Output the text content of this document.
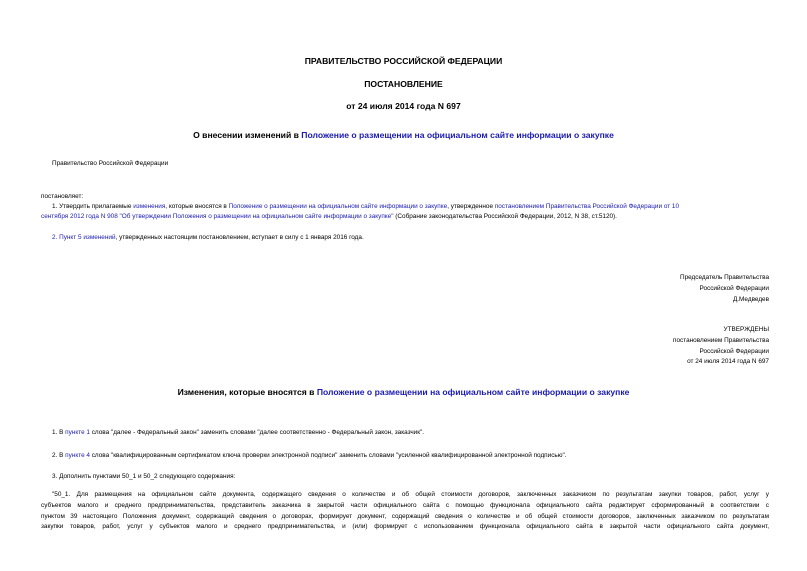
ПРАВИТЕЛЬСТВО РОССИЙСКОЙ ФЕДЕРАЦИИ
ПОСТАНОВЛЕНИЕ
от 24 июля 2014 года N 697
О внесении изменений в Положение о размещении на официальном сайте информации о закупке
Правительство Российской Федерации
постановляет:
1. Утвердить прилагаемые изменения, которые вносятся в Положение о размещении на официальном сайте информации о закупке, утвержденное постановлением Правительства Российской Федерации от 10
сентября 2012 года N 908 "Об утверждении Положения о размещении на официальном сайте информации о закупке" (Собрание законодательства Российской Федерации, 2012, N 38, ст.5120).
2. Пункт 5 изменений, утвержденных настоящим постановлением, вступает в силу с 1 января 2016 года.
Председатель Правительства
Российской Федерации
Д.Медведев
УТВЕРЖДЕНЫ
постановлением Правительства
Российской Федерации
от 24 июля 2014 года N 697
Изменения, которые вносятся в Положение о размещении на официальном сайте информации о закупке
1. В пункте 1 слова "далее - Федеральный закон" заменить словами "далее соответственно - Федеральный закон, заказчик".
2. В пункте 4 слова "квалифицированным сертификатом ключа проверки электронной подписи" заменить словами "усиленной квалифицированной электронной подписью".
3. Дополнить пунктами 50_1 и 50_2 следующего содержания:
"50_1. Для размещения на официальном сайте документа, содержащего сведения о количестве и об общей стоимости договоров, заключенных заказчиком по результатам закупки товаров, работ, услуг у
субъектов малого и среднего предпринимательства, представитель заказчика в закрытой части официального сайта с помощью функционала официального сайта редактирует сформированный в соответствии с
пунктом 39 настоящего Положения документ, содержащий сведения о договорах, формирует документ, содержащий сведения о количестве и об общей стоимости договоров, заключенных заказчиком по результатам
закупки товаров, работ, услуг у субъектов малого и среднего предпринимательства, и (или) формирует с использованием функционала официального сайта в закрытой части официального сайта документ,
